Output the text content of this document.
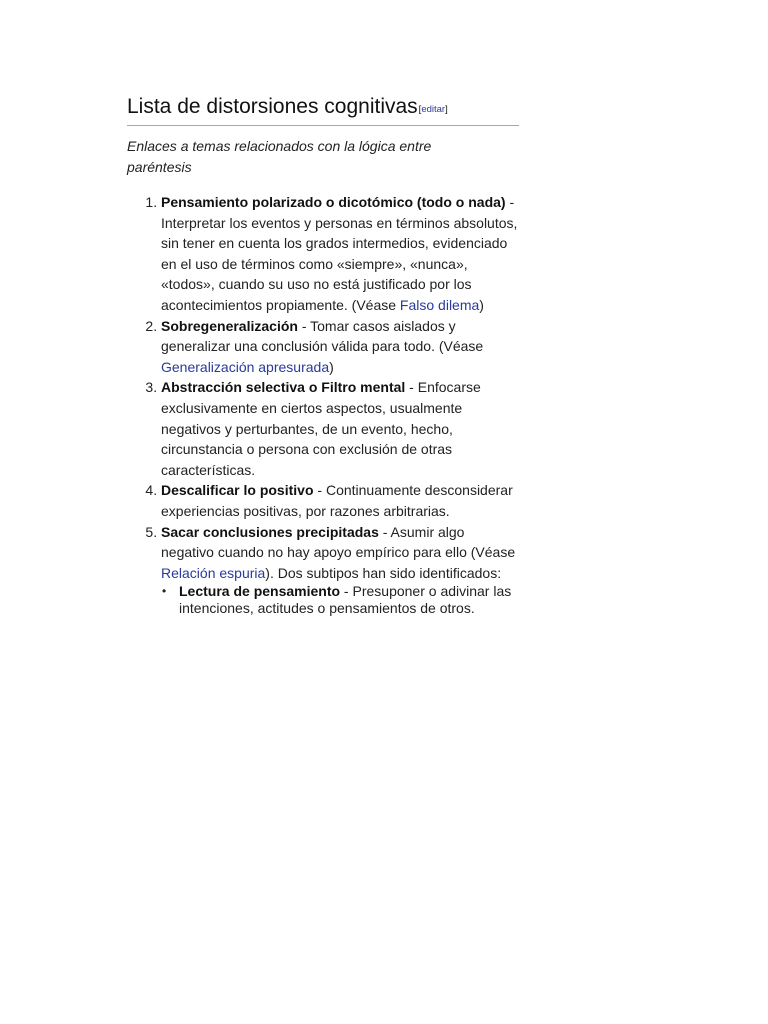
Lista de distorsiones cognitivas[editar]

Enlaces a temas relacionados con la lógica entre paréntesis

1. Pensamiento polarizado o dicotómico (todo o nada) - Interpretar los eventos y personas en términos absolutos, sin tener en cuenta los grados intermedios, evidenciado en el uso de términos como «siempre», «nunca», «todos», cuando su uso no está justificado por los acontecimientos propiamente. (Véase Falso dilema)
2. Sobregeneralización - Tomar casos aislados y generalizar una conclusión válida para todo. (Véase Generalización apresurada)
3. Abstracción selectiva o Filtro mental - Enfocarse exclusivamente en ciertos aspectos, usualmente negativos y perturbantes, de un evento, hecho, circunstancia o persona con exclusión de otras características.
4. Descalificar lo positivo - Continuamente desconsiderar experiencias positivas, por razones arbitrarias.
5. Sacar conclusiones precipitadas - Asumir algo negativo cuando no hay apoyo empírico para ello (Véase Relación espuria). Dos subtipos han sido identificados:
• Lectura de pensamiento - Presuponer o adivinar las intenciones, actitudes o pensamientos de otros.
